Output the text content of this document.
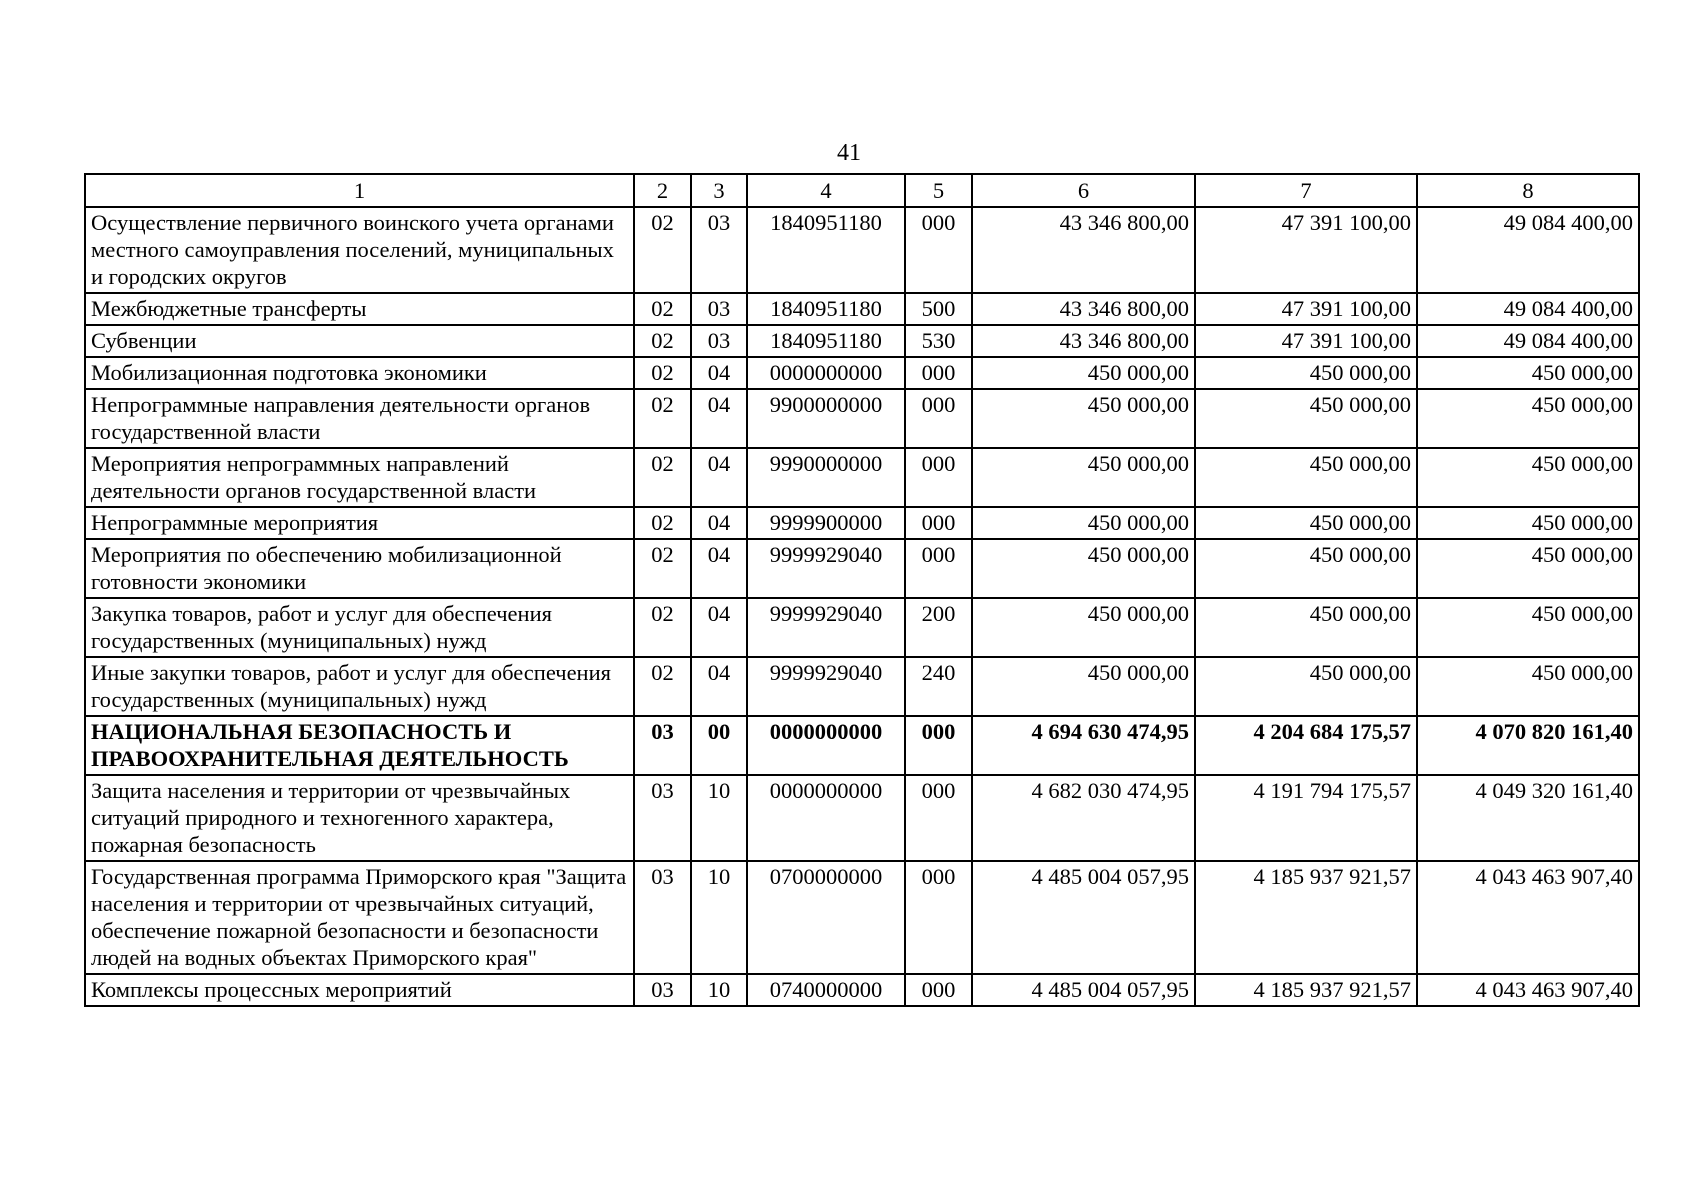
41
1	2	3	4	5	6	7	8
Осуществление первичного воинского учета органами местного самоуправления поселений, муниципальных и городских округов	02	03	1840951180	000	43 346 800,00	47 391 100,00	49 084 400,00
Межбюджетные трансферты	02	03	1840951180	500	43 346 800,00	47 391 100,00	49 084 400,00
Субвенции	02	03	1840951180	530	43 346 800,00	47 391 100,00	49 084 400,00
Мобилизационная подготовка экономики	02	04	0000000000	000	450 000,00	450 000,00	450 000,00
Непрограммные направления деятельности органов государственной власти	02	04	9900000000	000	450 000,00	450 000,00	450 000,00
Мероприятия непрограммных направлений деятельности органов государственной власти	02	04	9990000000	000	450 000,00	450 000,00	450 000,00
Непрограммные мероприятия	02	04	9999900000	000	450 000,00	450 000,00	450 000,00
Мероприятия по обеспечению мобилизационной готовности экономики	02	04	9999929040	000	450 000,00	450 000,00	450 000,00
Закупка товаров, работ и услуг для обеспечения государственных (муниципальных) нужд	02	04	9999929040	200	450 000,00	450 000,00	450 000,00
Иные закупки товаров, работ и услуг для обеспечения государственных (муниципальных) нужд	02	04	9999929040	240	450 000,00	450 000,00	450 000,00
НАЦИОНАЛЬНАЯ БЕЗОПАСНОСТЬ И ПРАВООХРАНИТЕЛЬНАЯ ДЕЯТЕЛЬНОСТЬ	03	00	0000000000	000	4 694 630 474,95	4 204 684 175,57	4 070 820 161,40
Защита населения и территории от чрезвычайных ситуаций природного и техногенного характера, пожарная безопасность	03	10	0000000000	000	4 682 030 474,95	4 191 794 175,57	4 049 320 161,40
Государственная программа Приморского края "Защита населения и территории от чрезвычайных ситуаций, обеспечение пожарной безопасности и безопасности людей на водных объектах Приморского края"	03	10	0700000000	000	4 485 004 057,95	4 185 937 921,57	4 043 463 907,40
Комплексы процессных мероприятий	03	10	0740000000	000	4 485 004 057,95	4 185 937 921,57	4 043 463 907,40
